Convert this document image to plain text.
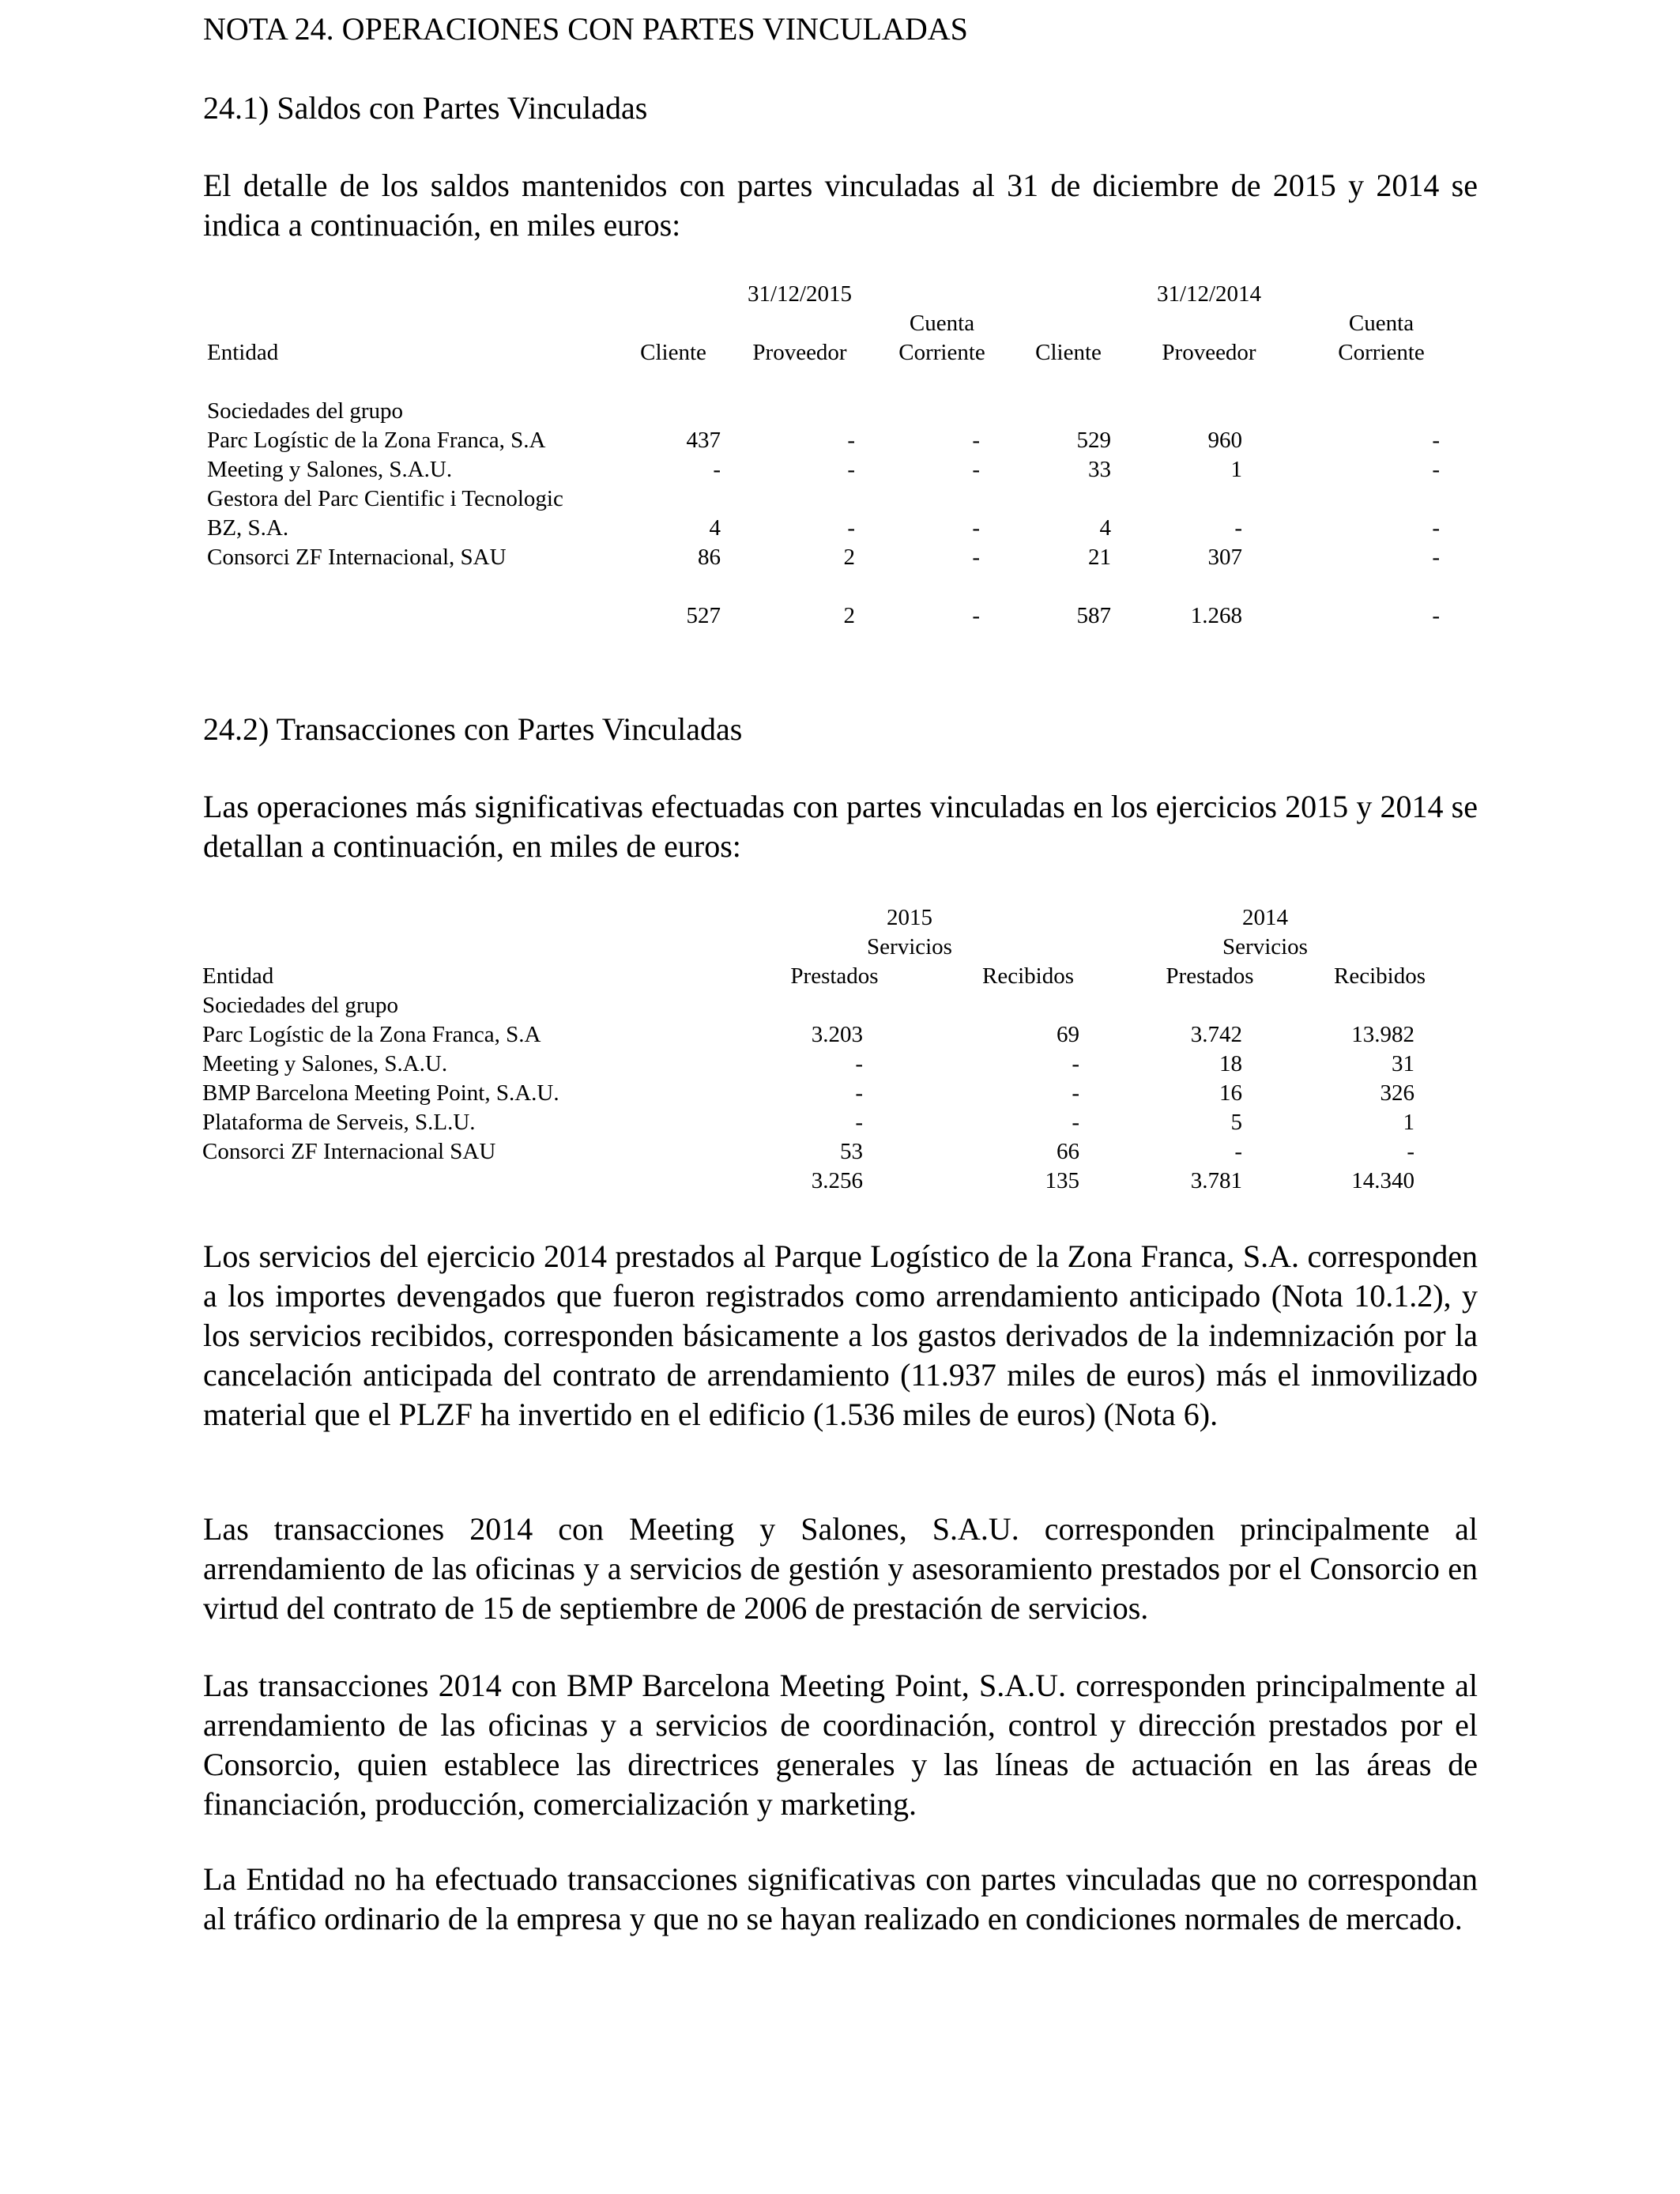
NOTA 24. OPERACIONES CON PARTES VINCULADAS
24.1) Saldos con Partes Vinculadas

El detalle de los saldos mantenidos con partes vinculadas al 31 de diciembre de 2015 y 2014 se indica a continuación, en miles euros:

		31/12/2015			31/12/2014	
			Cuenta			Cuenta
Entidad	Cliente	Proveedor	Corriente	Cliente	Proveedor	Corriente

Sociedades del grupo						
Parc Logístic de la Zona Franca, S.A	437	-	-	529	960	-
Meeting y Salones, S.A.U.	-	-	-	33	1	-
Gestora del Parc Cientific i Tecnologic						
BZ, S.A.	4	-	-	4	-	-
Consorci ZF Internacional, SAU	86	2	-	21	307	-

	527	2	-	587	1.268	-
24.2) Transacciones con Partes Vinculadas

Las operaciones más significativas efectuadas con partes vinculadas en los ejercicios 2015 y 2014 se detallan a continuación, en miles de euros:

	2015		2014	
	Servicios		Servicios	
Entidad	Prestados	Recibidos	Prestados	Recibidos
Sociedades del grupo				
Parc Logístic de la Zona Franca, S.A	3.203	69	3.742	13.982
Meeting y Salones, S.A.U.	-	-	18	31
BMP Barcelona Meeting Point, S.A.U.	-	-	16	326
Plataforma de Serveis, S.L.U.	-	-	5	1
Consorci ZF Internacional SAU	53	66	-	-
	3.256	135	3.781	14.340

Los servicios del ejercicio 2014 prestados al Parque Logístico de la Zona Franca, S.A. corresponden a los importes devengados que fueron registrados como arrendamiento anticipado (Nota 10.1.2), y los servicios recibidos, corresponden básicamente a los gastos derivados de la indemnización por la cancelación anticipada del contrato de arrendamiento (11.937 miles de euros) más el inmovilizado material que el PLZF ha invertido en el edificio (1.536 miles de euros) (Nota 6).

Las transacciones 2014 con Meeting y Salones, S.A.U. corresponden principalmente al arrendamiento de las oficinas y a servicios de gestión y asesoramiento prestados por el Consorcio en virtud del contrato de 15 de septiembre de 2006 de prestación de servicios.

Las transacciones 2014 con BMP Barcelona Meeting Point, S.A.U. corresponden principalmente al arrendamiento de las oficinas y a servicios de coordinación, control y dirección prestados por el Consorcio, quien establece las directrices generales y las líneas de actuación en las áreas de financiación, producción, comercialización y marketing.

La Entidad no ha efectuado transacciones significativas con partes vinculadas que no correspondan al tráfico ordinario de la empresa y que no se hayan realizado en condiciones normales de mercado.
